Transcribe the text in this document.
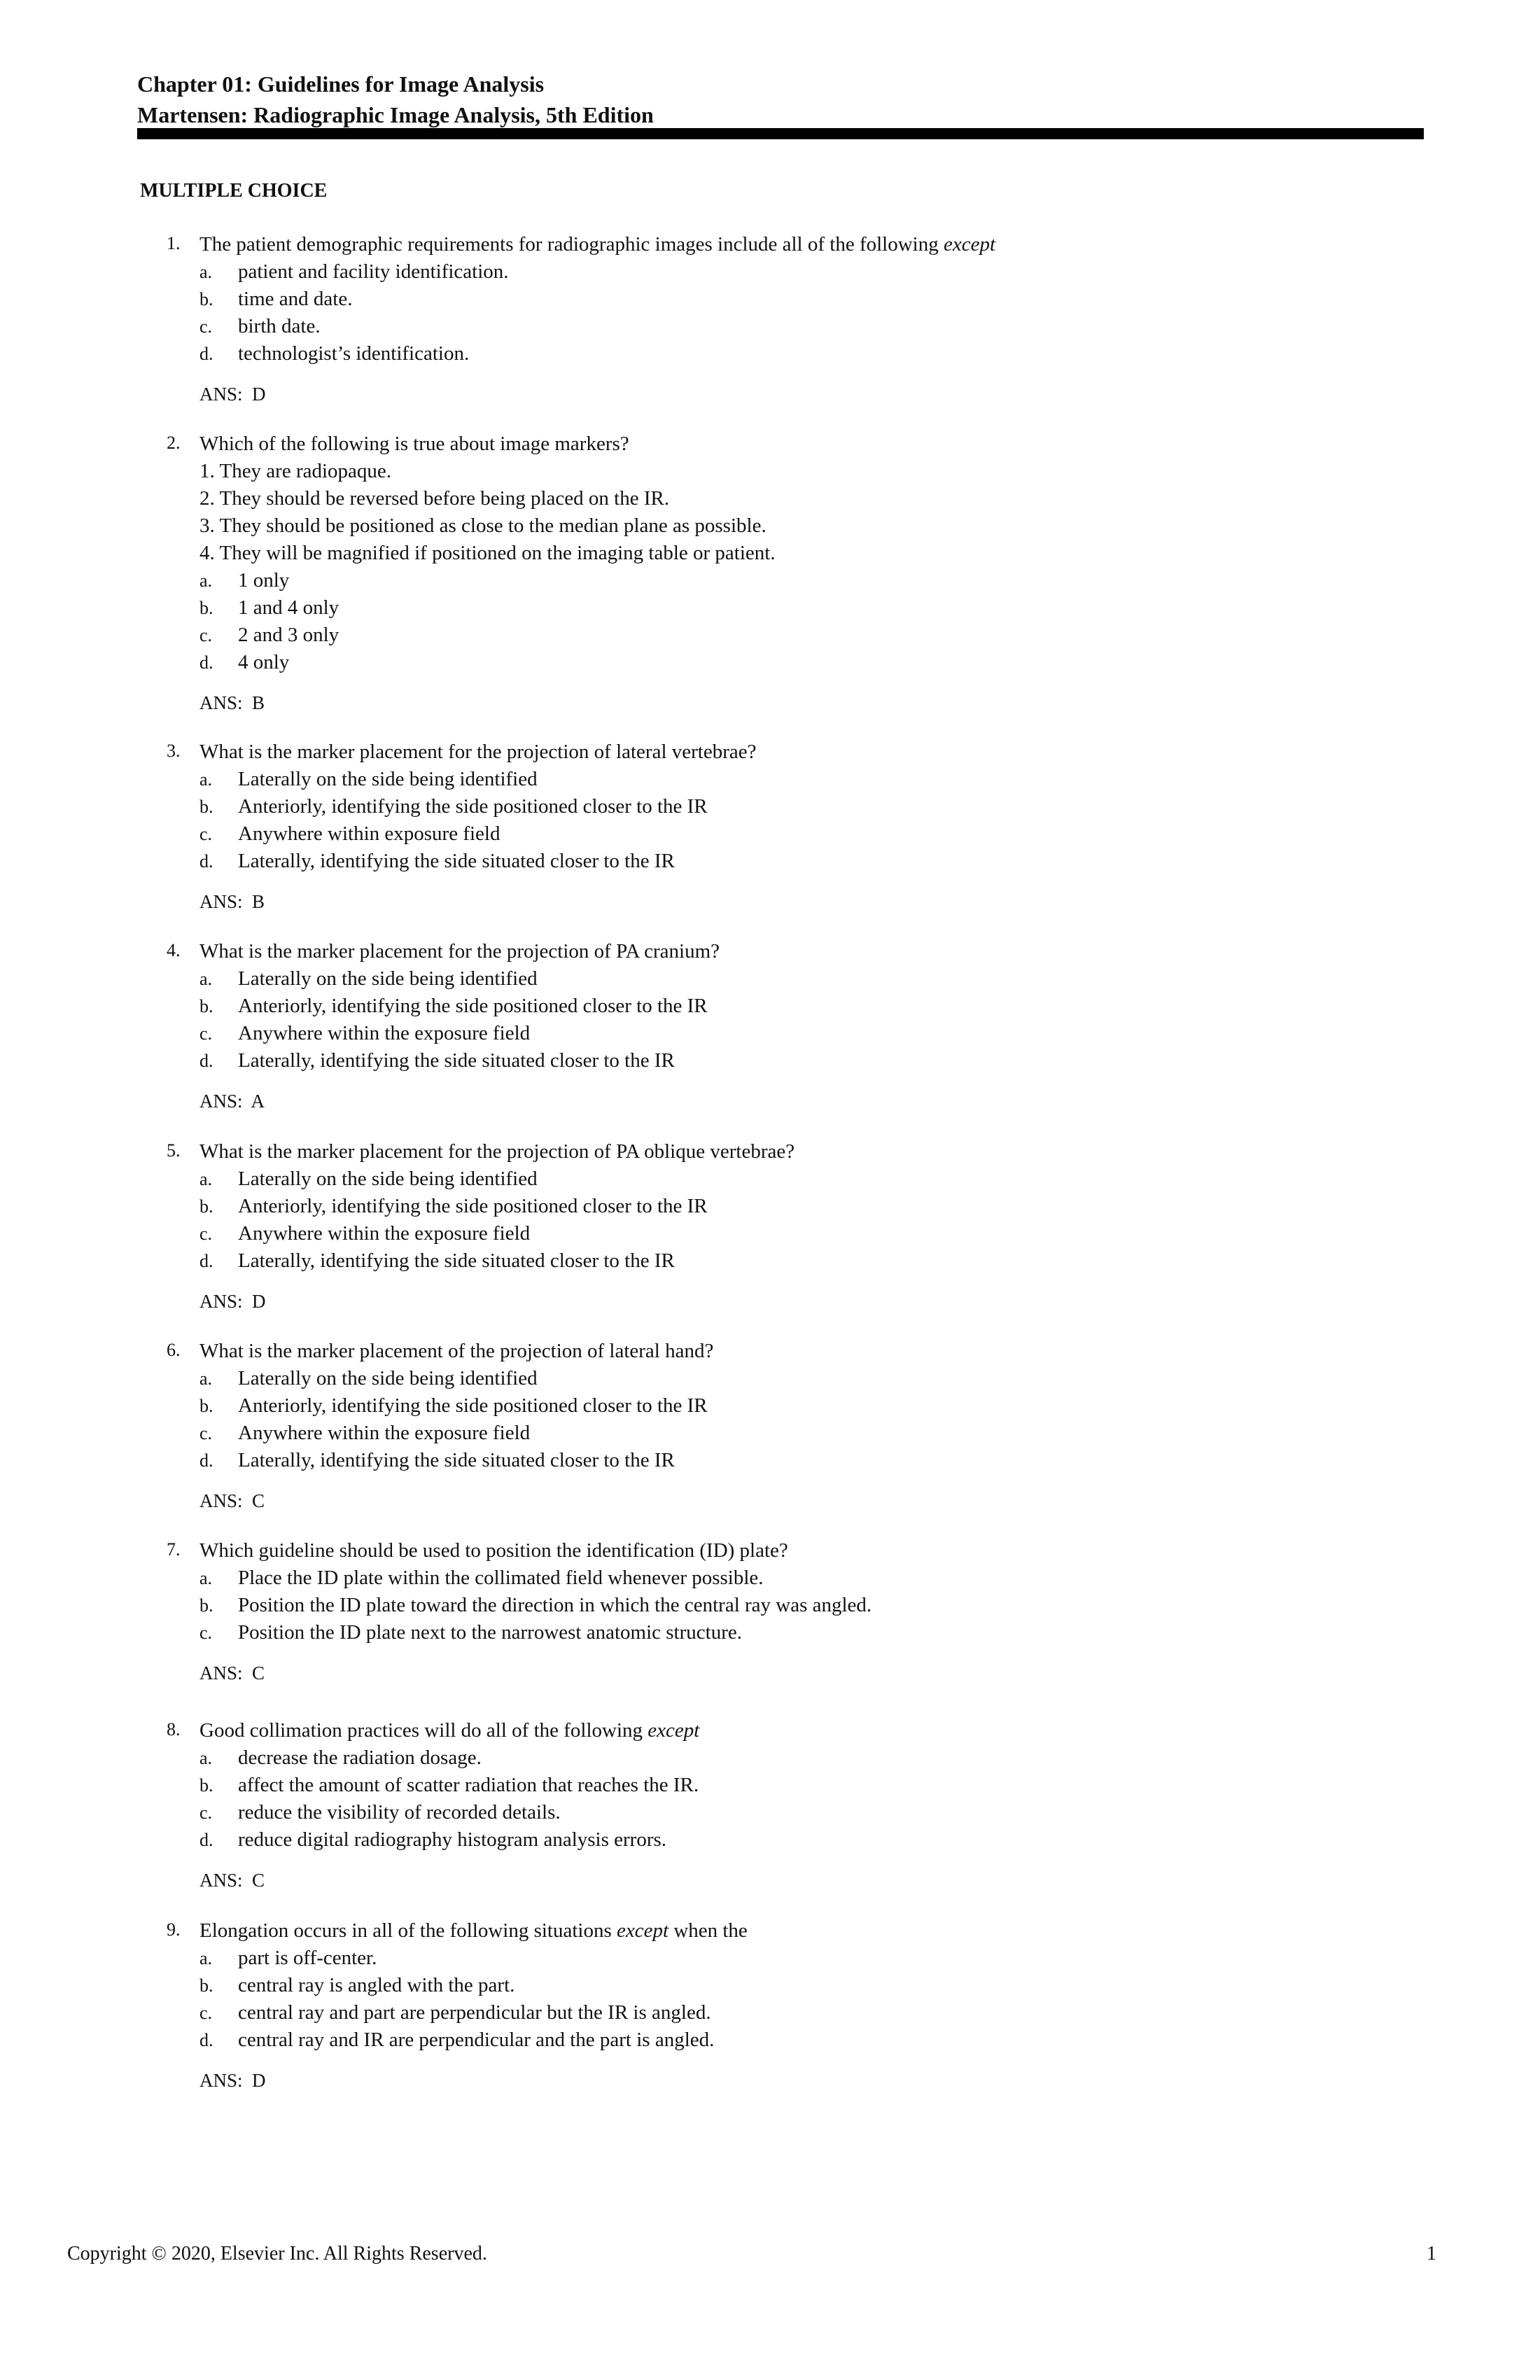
Chapter 01: Guidelines for Image Analysis
Martensen: Radiographic Image Analysis, 5th Edition
MULTIPLE CHOICE
1. The patient demographic requirements for radiographic images include all of the following except
a. patient and facility identification.
b. time and date.
c. birth date.
d. technologist’s identification.
ANS:  D
2. Which of the following is true about image markers?
1. They are radiopaque.
2. They should be reversed before being placed on the IR.
3. They should be positioned as close to the median plane as possible.
4. They will be magnified if positioned on the imaging table or patient.
a. 1 only
b. 1 and 4 only
c. 2 and 3 only
d. 4 only
ANS:  B
3. What is the marker placement for the projection of lateral vertebrae?
a. Laterally on the side being identified
b. Anteriorly, identifying the side positioned closer to the IR
c. Anywhere within exposure field
d. Laterally, identifying the side situated closer to the IR
ANS:  B
4. What is the marker placement for the projection of PA cranium?
a. Laterally on the side being identified
b. Anteriorly, identifying the side positioned closer to the IR
c. Anywhere within the exposure field
d. Laterally, identifying the side situated closer to the IR
ANS:  A
5. What is the marker placement for the projection of PA oblique vertebrae?
a. Laterally on the side being identified
b. Anteriorly, identifying the side positioned closer to the IR
c. Anywhere within the exposure field
d. Laterally, identifying the side situated closer to the IR
ANS:  D
6. What is the marker placement of the projection of lateral hand?
a. Laterally on the side being identified
b. Anteriorly, identifying the side positioned closer to the IR
c. Anywhere within the exposure field
d. Laterally, identifying the side situated closer to the IR
ANS:  C
7. Which guideline should be used to position the identification (ID) plate?
a. Place the ID plate within the collimated field whenever possible.
b. Position the ID plate toward the direction in which the central ray was angled.
c. Position the ID plate next to the narrowest anatomic structure.
ANS:  C
8. Good collimation practices will do all of the following except
a. decrease the radiation dosage.
b. affect the amount of scatter radiation that reaches the IR.
c. reduce the visibility of recorded details.
d. reduce digital radiography histogram analysis errors.
ANS:  C
9. Elongation occurs in all of the following situations except when the
a. part is off-center.
b. central ray is angled with the part.
c. central ray and part are perpendicular but the IR is angled.
d. central ray and IR are perpendicular and the part is angled.
ANS:  D
Copyright © 2020, Elsevier Inc. All Rights Reserved.	1
